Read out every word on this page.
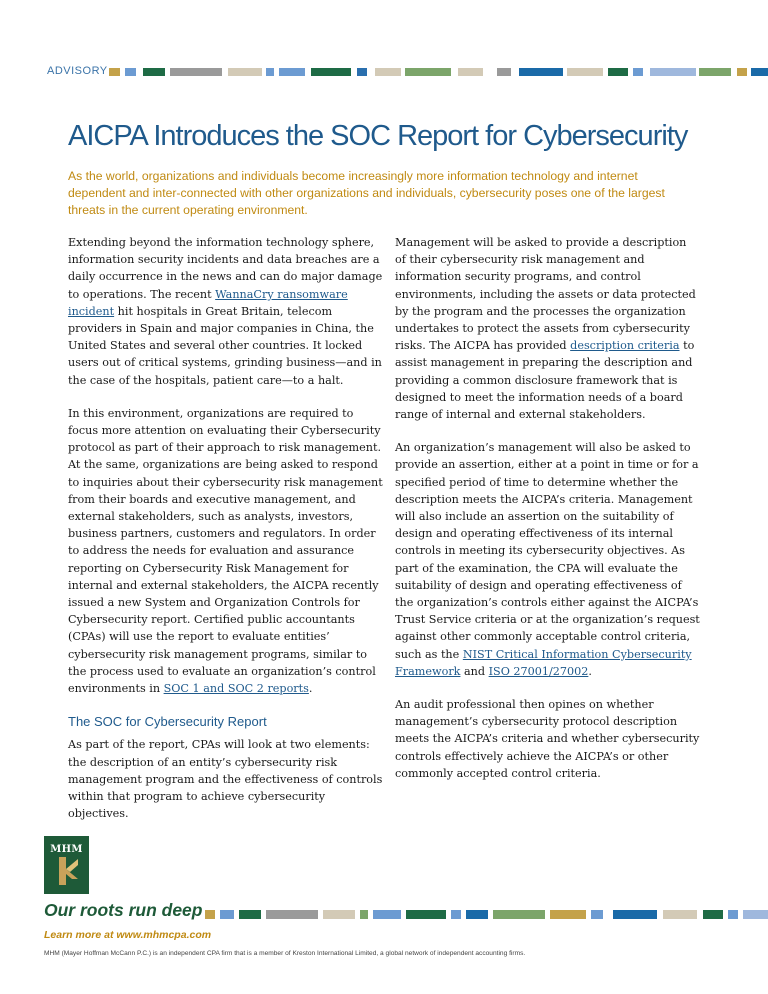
ADVISORY
AICPA Introduces the SOC Report for Cybersecurity

As the world, organizations and individuals become increasingly more information technology and internet dependent and inter-connected with other organizations and individuals, cybersecurity poses one of the largest threats in the current operating environment.

Extending beyond the information technology sphere, information security incidents and data breaches are a daily occurrence in the news and can do major damage to operations. The recent WannaCry ransomware incident hit hospitals in Great Britain, telecom providers in Spain and major companies in China, the United States and several other countries. It locked users out of critical systems, grinding business—and in the case of the hospitals, patient care—to a halt.

In this environment, organizations are required to focus more attention on evaluating their Cybersecurity protocol as part of their approach to risk management. At the same, organizations are being asked to respond to inquiries about their cybersecurity risk management from their boards and executive management, and external stakeholders, such as analysts, investors, business partners, customers and regulators. In order to address the needs for evaluation and assurance reporting on Cybersecurity Risk Management for internal and external stakeholders, the AICPA recently issued a new System and Organization Controls for Cybersecurity report. Certified public accountants (CPAs) will use the report to evaluate entities’ cybersecurity risk management programs, similar to the process used to evaluate an organization’s control environments in SOC 1 and SOC 2 reports.

The SOC for Cybersecurity Report

As part of the report, CPAs will look at two elements: the description of an entity’s cybersecurity risk management program and the effectiveness of controls within that program to achieve cybersecurity objectives.

Management will be asked to provide a description of their cybersecurity risk management and information security programs, and control environments, including the assets or data protected by the program and the processes the organization undertakes to protect the assets from cybersecurity risks. The AICPA has provided description criteria to assist management in preparing the description and providing a common disclosure framework that is designed to meet the information needs of a board range of internal and external stakeholders.

An organization’s management will also be asked to provide an assertion, either at a point in time or for a specified period of time to determine whether the description meets the AICPA’s criteria. Management will also include an assertion on the suitability of design and operating effectiveness of its internal controls in meeting its cybersecurity objectives. As part of the examination, the CPA will evaluate the suitability of design and operating effectiveness of the organization’s controls either against the AICPA’s Trust Service criteria or at the organization’s request against other commonly acceptable control criteria, such as the NIST Critical Information Cybersecurity Framework and ISO 27001/27002.

An audit professional then opines on whether management’s cybersecurity protocol description meets the AICPA’s criteria and whether cybersecurity controls effectively achieve the AICPA’s or other commonly accepted control criteria.

MHM
Our roots run deep
Learn more at www.mhmcpa.com
MHM (Mayer Hoffman McCann P.C.) is an independent CPA firm that is a member of Kreston International Limited, a global network of independent accounting firms.
